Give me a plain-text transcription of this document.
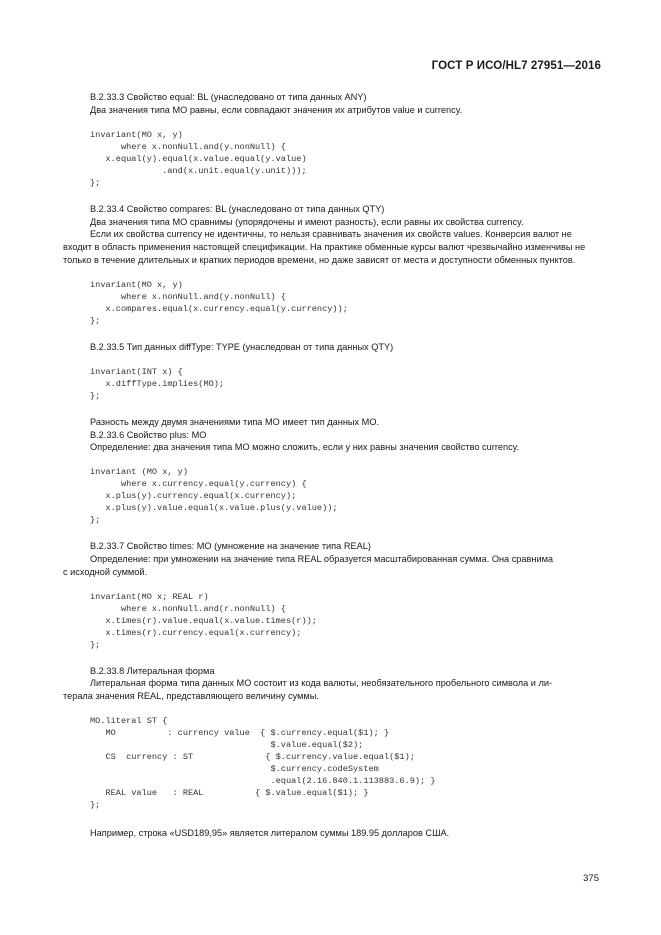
ГОСТ Р ИСО/HL7 27951—2016
B.2.33.3 Свойство equal: BL (унаследовано от типа данных ANY)
Два значения типа MO равны, если совпадают значения их атрибутов value и currency.
invariant(MO x, y)
where x.nonNull.and(y.nonNull) {
x.equal(y).equal(x.value.equal(y.value)
.and(x.unit.equal(y.unit)));
};
B.2.33.4 Свойство compares: BL (унаследовано от типа данных QTY)
Два значения типа MO сравнимы (упорядочены и имеют разность), если равны их свойства currency.
Если их свойства currency не идентичны, то нельзя сравнивать значения их свойств values. Конверсия валют не
входит в область применения настоящей спецификации. На практике обменные курсы валют чрезвычайно изменчивы не
только в течение длительных и кратких периодов времени, но даже зависят от места и доступности обменных пунктов.
invariant(MO x, y)
where x.nonNull.and(y.nonNull) {
x.compares.equal(x.currency.equal(y.currency));
};
B.2.33.5 Тип данных diffType: TYPE (унаследован от типа данных QTY)
invariant(INT x) {
x.diffType.implies(MO);
};
Разность между двумя значениями типа MO имеет тип данных MO.
B.2.33.6 Свойство plus: MO
Определение: два значения типа MO можно сложить, если у них равны значения свойство currency.
invariant (MO x, y)
where x.currency.equal(y.currency) {
x.plus(y).currency.equal(x.currency);
x.plus(y).value.equal(x.value.plus(y.value));
};
B.2.33.7 Свойство times: MO (умножение на значение типа REAL)
Определение: при умножении на значение типа REAL образуется масштабированная сумма. Она сравнима
с исходной суммой.
invariant(MO x; REAL r)
where x.nonNull.and(r.nonNull) {
x.times(r).value.equal(x.value.times(r));
x.times(r).currency.equal(x.currency);
};
B.2.33.8 Литеральная форма
Литеральная форма типа данных MO состоит из кода валюты, необязательного пробельного символа и ли-
терала значения REAL, представляющего величину суммы.
MO.literal ST {
MO          : currency value  { $.currency.equal($1); }
$.value.equal($2);
CS  currency : ST              { $.currency.value.equal($1);
$.currency.codeSystem
.equal(2.16.840.1.113883.6.9); }
REAL value   : REAL          { $.value.equal($1); }
};
Например, строка «USD189,95» является литералом суммы 189.95 долларов США.
375
